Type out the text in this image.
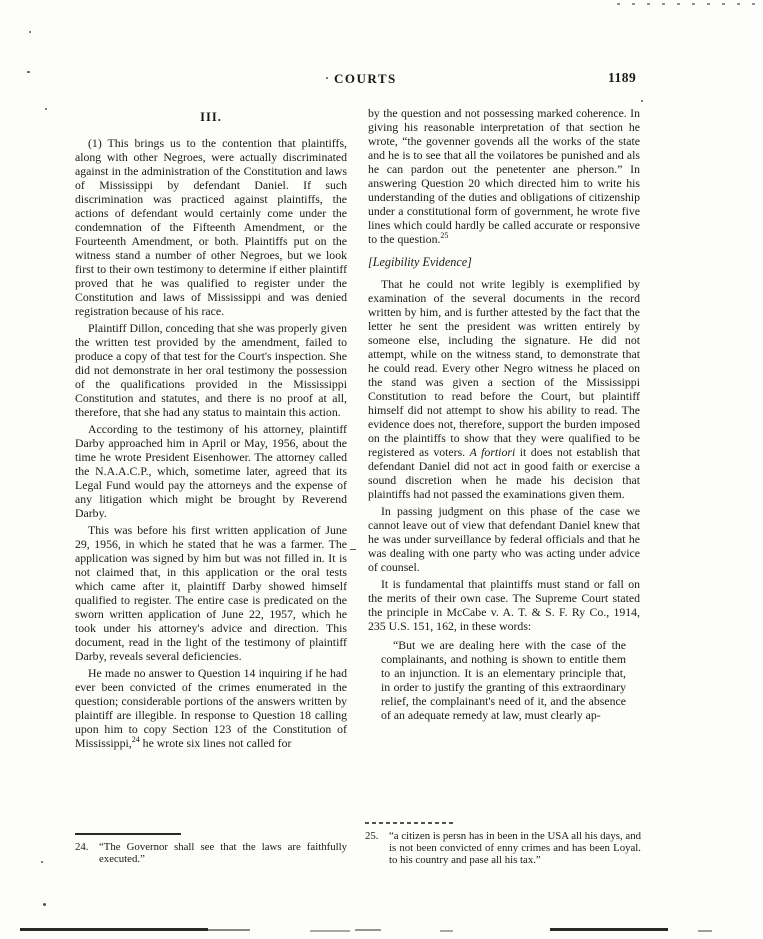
COURTS	1189
III.

(1) This brings us to the contention that plaintiffs, along with other Negroes, were actually discriminated against in the administration of the Constitution and laws of Mississippi by defendant Daniel. If such discrimination was practiced against plaintiffs, the actions of defendant would certainly come under the condemnation of the Fifteenth Amendment, or the Fourteenth Amendment, or both. Plaintiffs put on the witness stand a number of other Negroes, but we look first to their own testimony to determine if either plaintiff proved that he was qualified to register under the Constitution and laws of Mississippi and was denied registration because of his race.

Plaintiff Dillon, conceding that she was properly given the written test provided by the amendment, failed to produce a copy of that test for the Court's inspection. She did not demonstrate in her oral testimony the possession of the qualifications provided in the Mississippi Constitution and statutes, and there is no proof at all, therefore, that she had any status to maintain this action.

According to the testimony of his attorney, plaintiff Darby approached him in April or May, 1956, about the time he wrote President Eisenhower. The attorney called the N.A.A.C.P., which, sometime later, agreed that its Legal Fund would pay the attorneys and the expense of any litigation which might be brought by Reverend Darby.

This was before his first written application of June 29, 1956, in which he stated that he was a farmer. The application was signed by him but was not filled in. It is not claimed that, in this application or the oral tests which came after it, plaintiff Darby showed himself qualified to register. The entire case is predicated on the sworn written application of June 22, 1957, which he took under his attorney's advice and direction. This document, read in the light of the testimony of plaintiff Darby, reveals several deficiencies.

He made no answer to Question 14 inquiring if he had ever been convicted of the crimes enumerated in the question; considerable portions of the answers written by plaintiff are illegible. In response to Question 18 calling upon him to copy Section 123 of the Constitution of Mississippi,$^{24}$ he wrote six lines not called for

by the question and not possessing marked coherence. In giving his reasonable interpretation of that section he wrote, “the govenner govends all the works of the state and he is to see that all the voilatores be punished and als he can pardon out the penetenter ane pherson.” In answering Question 20 which directed him to write his understanding of the duties and obligations of citizenship under a constitutional form of government, he wrote five lines which could hardly be called accurate or responsive to the question.$^{25}$

[Legibility Evidence]

That he could not write legibly is exemplified by examination of the several documents in the record written by him, and is further attested by the fact that the letter he sent the president was written entirely by someone else, including the signature. He did not attempt, while on the witness stand, to demonstrate that he could read. Every other Negro witness he placed on the stand was given a section of the Mississippi Constitution to read before the Court, but plaintiff himself did not attempt to show his ability to read. The evidence does not, therefore, support the burden imposed on the plaintiffs to show that they were qualified to be registered as voters. A fortiori it does not establish that defendant Daniel did not act in good faith or exercise a sound discretion when he made his decision that plaintiffs had not passed the examinations given them.

In passing judgment on this phase of the case we cannot leave out of view that defendant Daniel knew that he was under surveillance by federal officials and that he was dealing with one party who was acting under advice of counsel.

It is fundamental that plaintiffs must stand or fall on the merits of their own case. The Supreme Court stated the principle in McCabe v. A. T. & S. F. Ry Co., 1914, 235 U.S. 151, 162, in these words:

“But we are dealing here with the case of the complainants, and nothing is shown to entitle them to an injunction. It is an elementary principle that, in order to justify the granting of this extraordinary relief, the complainant's need of it, and the absence of an adequate remedy at law, must clearly ap-
24. “The Governor shall see that the laws are faithfully executed.”
25. “a citizen is persn has in been in the USA all his days, and is not been convicted of enny crimes and has been Loyal. to his country and pase all his tax.”
